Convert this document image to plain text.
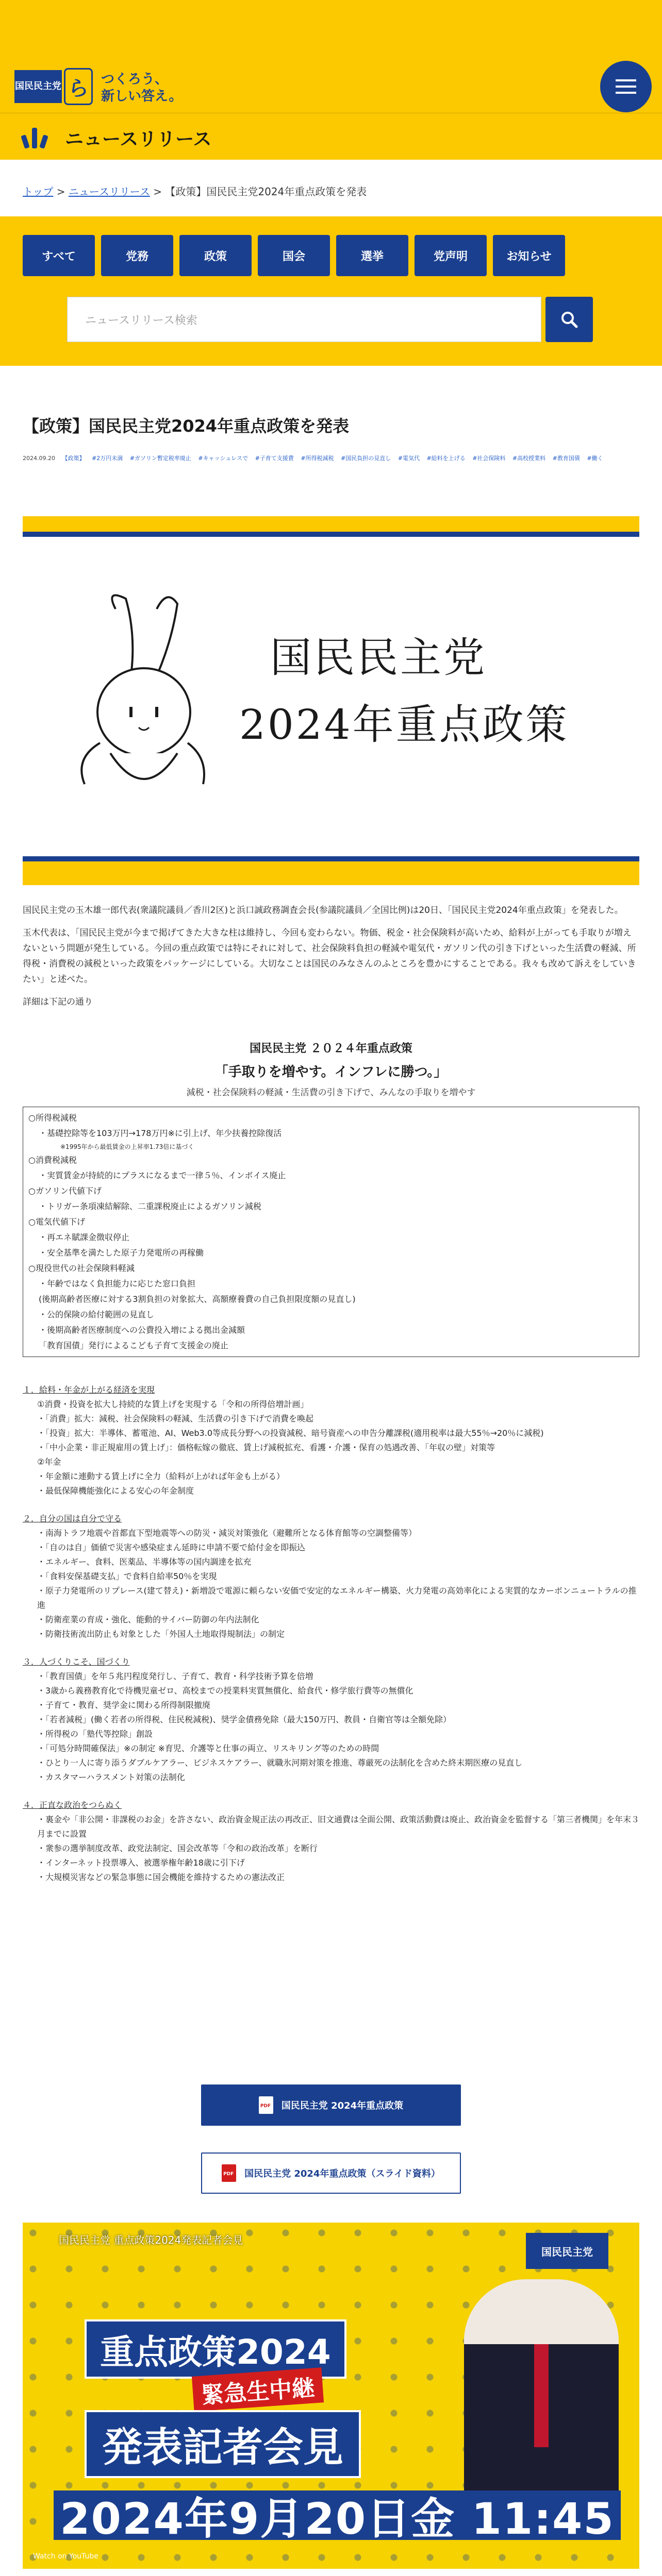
国民民主党 ら つくろう、
新しい答え。
ニュースリリース
トップ > ニュースリリース > 【政策】国民民主党2024年重点政策を発表
すべて	党務	政策	国会	選挙	党声明	お知らせ
ニュースリリース検索
【政策】国民民主党2024年重点政策を発表
2024.09.20 【政策】 #2万円未満 #ガソリン暫定税率廃止 #キャッシュレスで #子育て支援費 #所得税減税 #国民負担の見直し #電気代 #給料を上げる #社会保険料 #高校授業料 #教育国債 #働く
国民民主党
2024年重点政策

国民民主党の玉木雄一郎代表(衆議院議員／香川2区)と浜口誠政務調査会長(参議院議員／全国比例)は20日、「国民民主党2024年重点政策」を発表した。

玉木代表は、「国民民主党が今まで掲げてきた大きな柱は維持し、今回も変わらない。物価、税金・社会保険料が高いため、給料が上がっても手取りが増えないという問題が発生している。今回の重点政策では特にそれに対して、社会保険料負担の軽減や電気代・ガソリン代の引き下げといった生活費の軽減、所得税・消費税の減税といった政策をパッケージにしている。大切なことは国民のみなさんのふところを豊かにすることである。我々も改めて訴えをしていきたい」と述べた。

詳細は下記の通り

国民民主党 ２０２４年重点政策
「手取りを増やす。インフレに勝つ。」
減税・社会保険料の軽減・生活費の引き下げで、みんなの手取りを増やす
○所得税減税
・基礎控除等を103万円→178万円※に引上げ、年少扶養控除復活
※1995年から最低賃金の上昇率1.73倍に基づく
○消費税減税
・実質賃金が持続的にプラスになるまで一律５％、インボイス廃止
○ガソリン代値下げ
・トリガー条項凍結解除、二重課税廃止によるガソリン減税
○電気代値下げ
・再エネ賦課金徴収停止
・安全基準を満たした原子力発電所の再稼働
○現役世代の社会保険料軽減
・年齢ではなく負担能力に応じた窓口負担
(後期高齢者医療に対する3割負担の対象拡大、高額療養費の自己負担限度額の見直し)
・公的保険の給付範囲の見直し
・後期高齢者医療制度への公費投入増による拠出金減額
「教育国債」発行によるこども子育て支援金の廃止
１．給料・年金が上がる経済を実現
①消費・投資を拡大し持続的な賃上げを実現する「令和の所得倍増計画」
・「消費」拡大：減税、社会保険料の軽減、生活費の引き下げで消費を喚起
・「投資」拡大：半導体、蓄電池、AI、Web3.0等成長分野への投資減税、暗号資産への申告分離課税(適用税率は最大55％→20％に減税)
・「中小企業・非正規雇用の賃上げ」：価格転嫁の徹底、賃上げ減税拡充、看護・介護・保育の処遇改善、「年収の壁」対策等
②年金
・年金額に連動する賃上げに全力（給料が上がれば年金も上がる）
・最低保障機能強化による安心の年金制度
２．自分の国は自分で守る
・南海トラフ地震や首都直下型地震等への防災・減災対策強化（避難所となる体育館等の空調整備等）
・「自のは自」価値で災害や感染症まん延時に申請不要で給付金を即振込
・エネルギー、食料、医薬品、半導体等の国内調達を拡充
・「食料安保基礎支払」で食料自給率50％を実現
・原子力発電所のリプレース(建て替え)・新増設で電源に頼らない安価で安定的なエネルギー構築、火力発電の高効率化による実質的なカーボンニュートラルの推進
・防衛産業の育成・強化、能動的サイバー防御の年内法制化
・防衛技術流出防止も対象とした「外国人土地取得規制法」の制定
３．人づくりこそ、国づくり
・「教育国債」を年５兆円程度発行し、子育て、教育・科学技術予算を倍増
・3歳から義務教育化で待機児童ゼロ、高校までの授業料実質無償化、給食代・修学旅行費等の無償化
・子育て・教育、奨学金に関わる所得制限撤廃
・「若者減税」(働く若者の所得税、住民税減税)、奨学金債務免除（最大150万円、教員・自衛官等は全額免除）
・所得税の「塾代等控除」創設
・「可処分時間確保法」※の制定 ※育児、介護等と仕事の両立、リスキリング等のための時間
・ひとり一人に寄り添うダブルケアラー、ビジネスケアラー、就職氷河期対策を推進、尊厳死の法制化を含めた終末期医療の見直し
・カスタマーハラスメント対策の法制化
４．正直な政治をつらぬく
・裏金や「非公開・非課税のお金」を許さない、政治資金規正法の再改正、旧文通費は全面公開、政策活動費は廃止、政治資金を監督する「第三者機関」を年末３月までに設置
・衆参の選挙制度改革、政党法制定、国会改革等「令和の政治改革」を断行
・インターネット投票導入、被選挙権年齢18歳に引下げ
・大規模災害などの緊急事態に国会機能を維持するための憲法改正
PDF 国民民主党 2024年重点政策
PDF 国民民主党 2024年重点政策（スライド資料）
国民民主党 重点政策2024発表記者会見
国民民主党
重点政策2024
緊急生中継
発表記者会見
2024年9月20日金 11:45
Watch on YouTube
